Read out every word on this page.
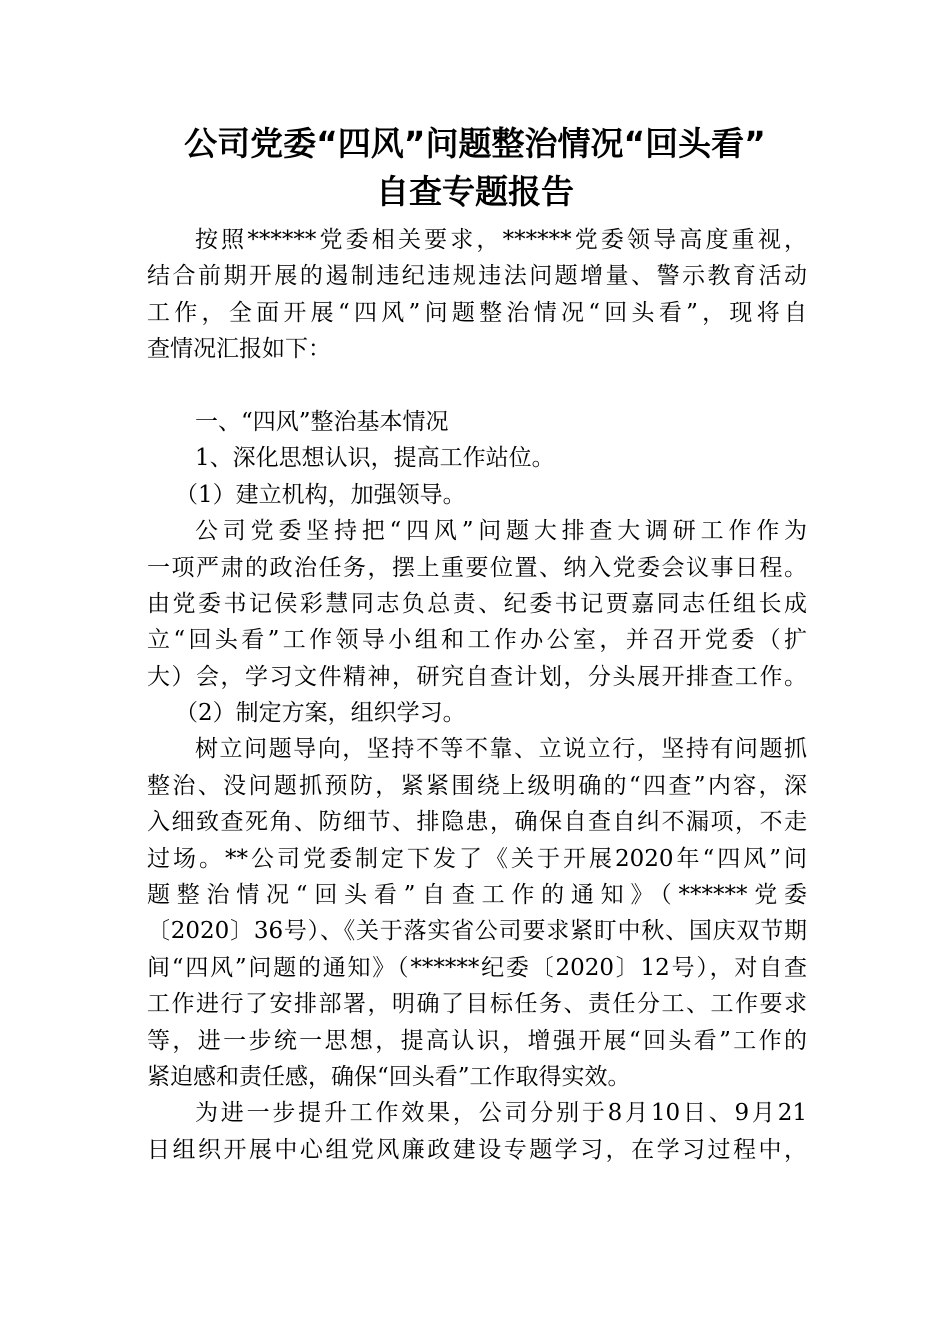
公司党委“四风”问题整治情况“回头看”
自查专题报告
按照******党委相关要求，******党委领导高度重视，
结合前期开展的遏制违纪违规违法问题增量、警示教育活动
工作，全面开展“四风”问题整治情况“回头看”，现将自
查情况汇报如下：

一、“四风”整治基本情况
1、深化思想认识，提高工作站位。
（1）建立机构，加强领导。
公司党委坚持把“四风”问题大排查大调研工作作为
一项严肃的政治任务，摆上重要位置、纳入党委会议事日程。
由党委书记侯彩慧同志负总责、纪委书记贾嘉同志任组长成
立“回头看”工作领导小组和工作办公室，并召开党委（扩
大）会，学习文件精神，研究自查计划，分头展开排查工作。
（2）制定方案，组织学习。
树立问题导向，坚持不等不靠、立说立行，坚持有问题抓
整治、没问题抓预防，紧紧围绕上级明确的“四查”内容，深
入细致查死角、防细节、排隐患，确保自查自纠不漏项，不走
过场。**公司党委制定下发了《关于开展2020年“四风”问
题整治情况“回头看”自查工作的通知》（******党委
〔2020〕36号）、《关于落实省公司要求紧盯中秋、国庆双节期
间“四风”问题的通知》（******纪委〔2020〕12号），对自查
工作进行了安排部署，明确了目标任务、责任分工、工作要求
等，进一步统一思想，提高认识，增强开展“回头看”工作的
紧迫感和责任感，确保“回头看”工作取得实效。
为进一步提升工作效果，公司分别于8月10日、9月21
日组织开展中心组党风廉政建设专题学习，在学习过程中，
